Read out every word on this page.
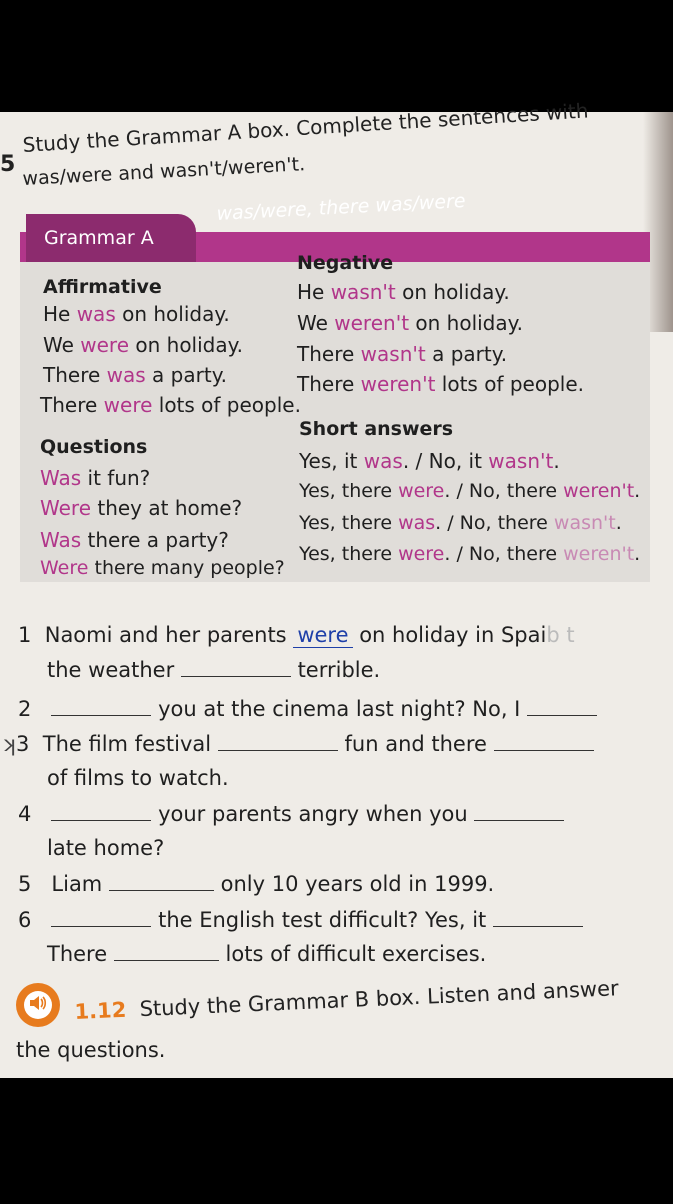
5
Study the Grammar A box. Complete the sentences with
was/were and wasn't/weren't.
Grammar A
was/were, there was/were
Affirmative
He was on holiday.
We were on holiday.
There was a party.
There were lots of people.
Negative
He wasn't on holiday.
We weren't on holiday.
There wasn't a party.
There weren't lots of people.
Questions
Was it fun?
Were they at home?
Was there a party?
Were there many people?
Short answers
Yes, it was. / No, it wasn't.
Yes, there were. / No, there weren't.
Yes, there was. / No, there wasn't.
Yes, there were. / No, there weren't.
1 Naomi and her parents were on holiday in Spaib t
the weather	terrible.
2	you at the cinema last night? No, I
ʞ3 The film festival	fun and there
of films to watch.
4	your parents angry when you
late home?
5 Liam	only 10 years old in 1999.
6	the English test difficult? Yes, it
There	lots of difficult exercises.
1.12 Study the Grammar B box. Listen and answer
the questions.
